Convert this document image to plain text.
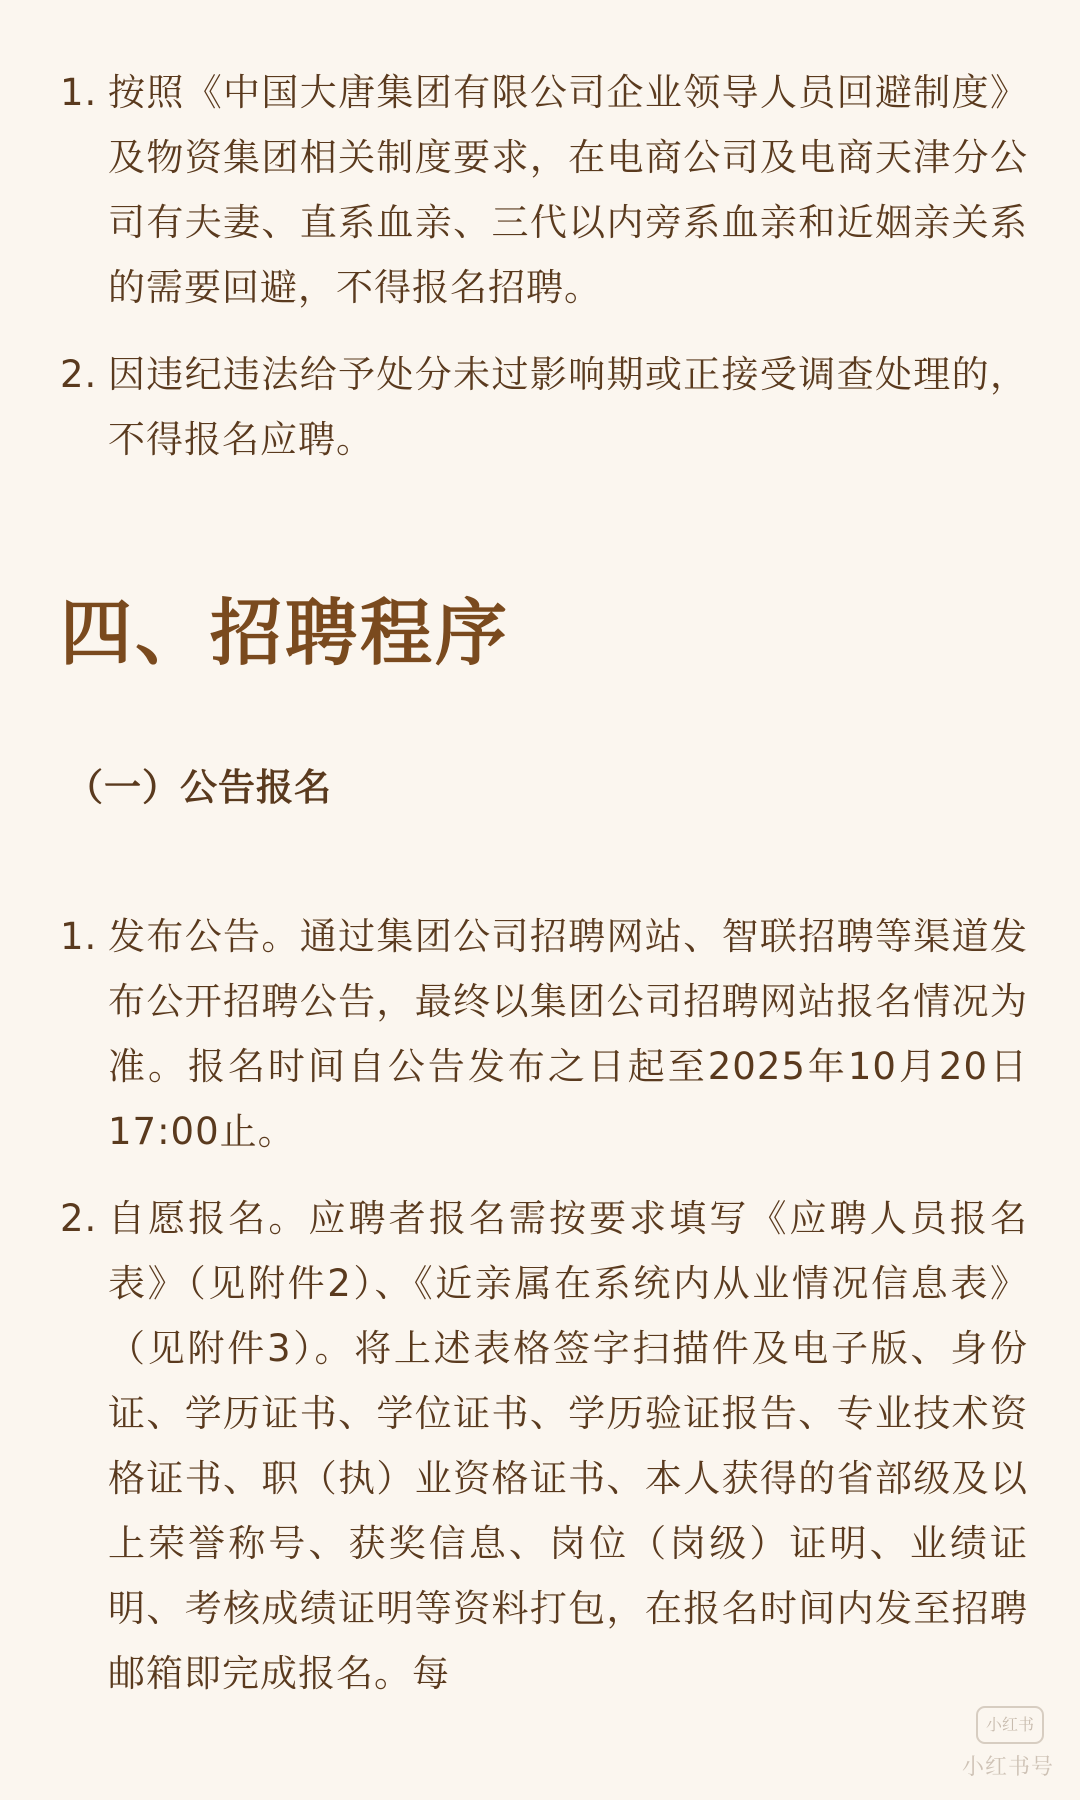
1. 按照《中国大唐集团有限公司企业领导人员回避制度》及物资集团相关制度要求，在电商公司及电商天津分公司有夫妻、直系血亲、三代以内旁系血亲和近姻亲关系的需要回避，不得报名招聘。
2. 因违纪违法给予处分未过影响期或正接受调查处理的，不得报名应聘。
四、招聘程序
（一）公告报名
1. 发布公告。通过集团公司招聘网站、智联招聘等渠道发布公开招聘公告，最终以集团公司招聘网站报名情况为准。报名时间自公告发布之日起至2025年10月20日17:00止。
2. 自愿报名。应聘者报名需按要求填写《应聘人员报名表》（见附件2）、《近亲属在系统内从业情况信息表》（见附件3）。将上述表格签字扫描件及电子版、身份证、学历证书、学位证书、学历验证报告、专业技术资格证书、职（执）业资格证书、本人获得的省部级及以上荣誉称号、获奖信息、岗位（岗级）证明、业绩证明、考核成绩证明等资料打包，在报名时间内发至招聘邮箱即完成报名。每
小红书
小红书号
